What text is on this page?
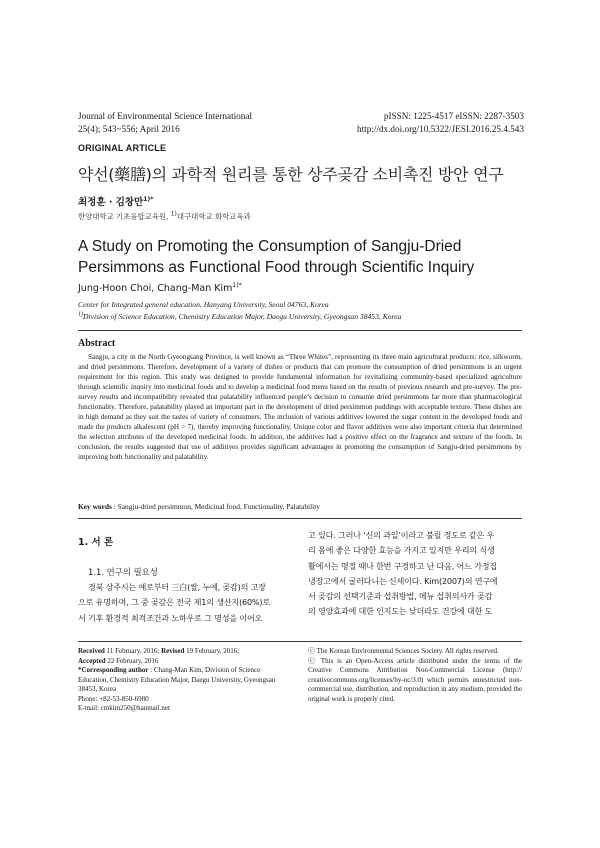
Journal of Environmental Science International
25(4); 543~556; April 2016
pISSN: 1225-4517 eISSN: 2287-3503
http://dx.doi.org/10.5322/JESI.2016.25.4.543
ORIGINAL ARTICLE
약선(藥膳)의 과학적 원리를 통한 상주곶감 소비촉진 방안 연구
최정훈 · 김창만$^{1)*}$
한양대학교 기초융합교육원, $^{1)}$대구대학교 화학교육과
A Study on Promoting the Consumption of Sangju-Dried Persimmons as Functional Food through Scientific Inquiry
Jung-Hoon Choi, Chang-Man Kim$^{1)*}$
Center for Integrated general education, Hanyang University, Seoul 04763, Korea
$^{1)}$Division of Science Education, Chemistry Education Major, Daegu University, Gyeongsan 38453, Korea
Abstract
Sangju, a city in the North Gyeongsang Province, is well known as “Three Whites”, representing its three main agricultural products: rice, silkworm, and dried persimmons. Therefore, development of a variety of dishes or products that can promote the consumption of dried persimmons is an urgent requirement for this region. This study was designed to provide fundamental information for revitalizing community-based specialized agriculture through scientific inquiry into medicinal foods and to develop a medicinal food menu based on the results of previous research and pre-survey. The pre-survey results and incompatibility revealed that palatability influenced people’s decision to consume dried persimmons far more than pharmacological functionality. Therefore, palatability played an important part in the development of dried persimmon puddings with acceptable texture. These dishes are in high demand as they suit the tastes of variety of consumers. The inclusion of various additives lowered the sugar content in the developed foods and made the products alkalescent (pH > 7), thereby improving functionality. Unique color and flavor additives were also important criteria that determined the selection attributes of the developed medicinal foods. In addition, the additives had a positive effect on the fragrance and texture of the foods. In conclusion, the results suggested that use of additives provides significant advantages in promoting the consumption of Sangju-dried persimmons by improving both functionality and palatability.
Key words : Sangju-dried persimmon, Medicinal food, Functionality, Palatability
1. 서 론
1.1. 연구의 필요성
경북 상주시는 예로부터 三白(쌀, 누에, 곶감)의 고장
으로 유명하며, 그 중 곶감은 전국 제1의 생산지(60%)로
서 기후 환경적 최적조건과 노하우로 그 명성을 이어오
고 있다. 그러나 ‘신의 과일’이라고 불릴 정도로 같은 우
리 몸에 좋은 다양한 효능을 가지고 있지만 우리의 식생
활에서는 명절 때나 한번 구경하고 난 다음, 어느 가정집
냉장고에서 굴러다니는 신세이다. Kim(2007)의 연구에
서 곶감의 선택기준과 섭취방법, 메뉴 섭취의사가 곶감
의 영양효과에 대한 인지도는 낮더라도 건강에 대한 도
Received 11 February, 2016; Revised 19 February, 2016;
Accepted 22 February, 2016
*Corresponding author : Chang-Man Kim, Division of Science Education, Chemistry Education Major, Daegu University, Gyeongsan 38453, Korea
Phone: +82-53-850-6980
E-mail: cmkim250@hanmail.net
ⓒ The Korean Environmental Sciences Society. All rights reserved.
ⓒ This is an Open-Access article distributed under the terms of the Creative Commons Attribution Non-Commercial License (http:// creativecommons.org/licenses/by-nc/3.0) which permits unrestricted non-commercial use, distribution, and reproduction in any medium, provided the original work is properly cited.
